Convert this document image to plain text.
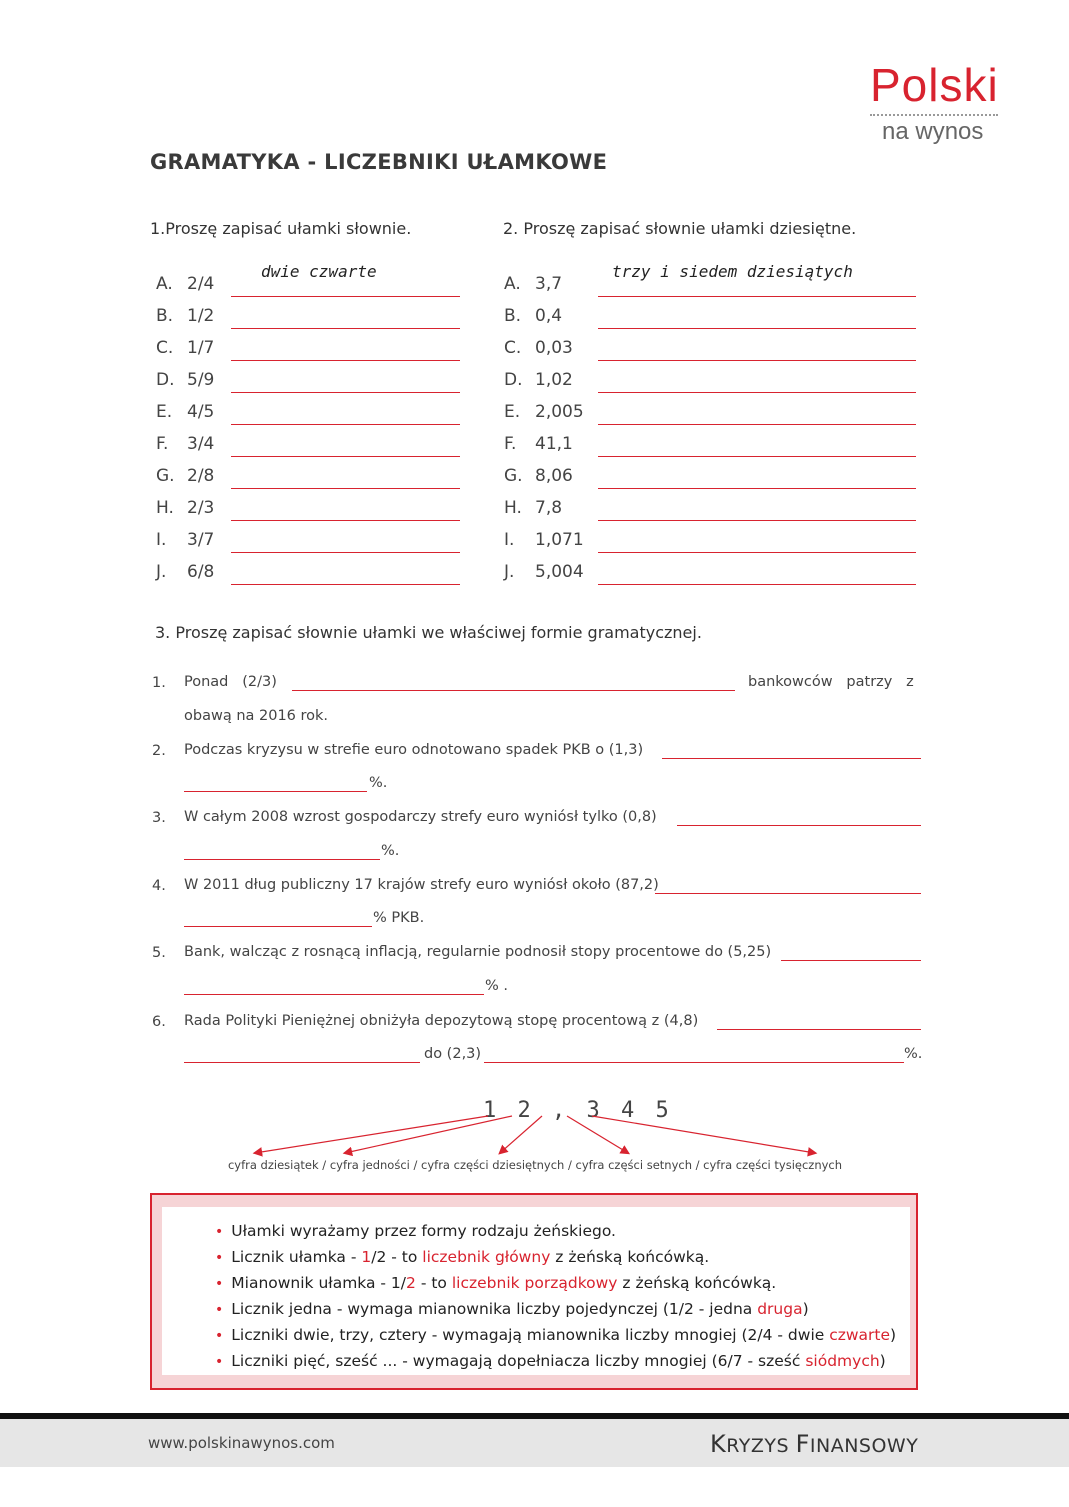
Polski
na wynos
GRAMATYKA - LICZEBNIKI UŁAMKOWE
1.Proszę zapisać ułamki słownie.
A. 2/4
dwie czwarte
B. 1/2
C. 1/7
D. 5/9
E. 4/5
F. 3/4
G. 2/8
H. 2/3
I. 3/7
J. 6/8
2. Proszę zapisać słownie ułamki dziesiętne.
A. 3,7
trzy i siedem dziesiątych
B. 0,4
C. 0,03
D. 1,02
E. 2,005
F. 41,1
G. 8,06
H. 7,8
I. 1,071
J. 5,004
3. Proszę zapisać słownie ułamki we właściwej formie gramatycznej.
1. Ponad   (2/3)	bankowców   patrzy   z
obawą na 2016 rok.
2. Podczas kryzysu w strefie euro odnotowano spadek PKB o (1,3)
%.
3. W całym 2008 wzrost gospodarczy strefy euro wyniósł tylko (0,8)
%.
4. W 2011 dług publiczny 17 krajów strefy euro wyniósł około (87,2)
% PKB.
5. Bank, walcząc z rosnącą inflacją, regularnie podnosił stopy procentowe do (5,25)
% .
6. Rada Polityki Pieniężnej obniżyła depozytową stopę procentową z (4,8)
do (2,3)	%.
1 2 , 3 4 5
cyfra dziesiątek / cyfra jedności / cyfra części dziesiętnych / cyfra części setnych / cyfra części tysięcznych
• Ułamki wyrażamy przez formy rodzaju żeńskiego.
• Licznik ułamka - 1/2 - to liczebnik główny z żeńską końcówką.
• Mianownik ułamka - 1/2 - to liczebnik porządkowy z żeńską końcówką.
• Licznik jedna - wymaga mianownika liczby pojedynczej (1/2 - jedna druga)
• Liczniki dwie, trzy, cztery - wymagają mianownika liczby mnogiej (2/4 - dwie czwarte)
• Liczniki pięć, sześć ... - wymagają dopełniacza liczby mnogiej (6/7 - sześć siódmych)
www.polskinawynos.com	KRYZYS FINANSOWY
